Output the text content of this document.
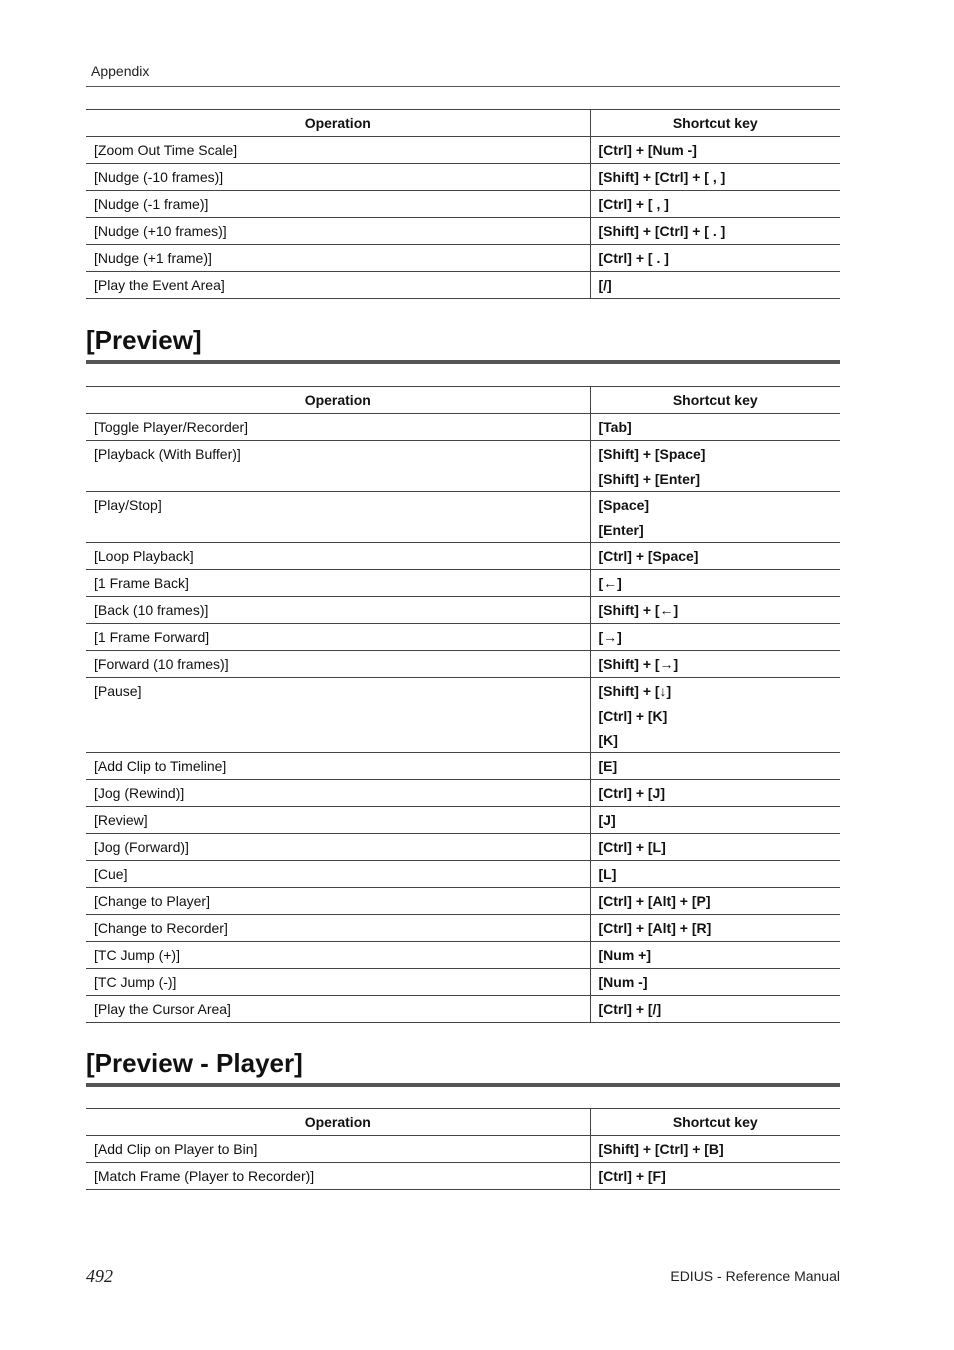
Appendix
Operation	Shortcut key
[Zoom Out Time Scale]	[Ctrl] + [Num -]

[Nudge (-10 frames)]	[Shift] + [Ctrl] + [ , ]

[Nudge (-1 frame)]	[Ctrl] + [ , ]

[Nudge (+10 frames)]	[Shift] + [Ctrl] + [ . ]

[Nudge (+1 frame)]	[Ctrl] + [ . ]

[Play the Event Area]	[/]
[Preview]
Operation	Shortcut key
[Toggle Player/Recorder]	[Tab]

[Playback (With Buffer)]	[Shift] + [Space]
[Shift] + [Enter]

[Play/Stop]	[Space]
[Enter]

[Loop Playback]	[Ctrl] + [Space]

[1 Frame Back]	[←]

[Back (10 frames)]	[Shift] + [←]

[1 Frame Forward]	[→]

[Forward (10 frames)]	[Shift] + [→]

[Pause]	[Shift] + [↓]
[Ctrl] + [K]
[K]

[Add Clip to Timeline]	[E]

[Jog (Rewind)]	[Ctrl] + [J]

[Review]	[J]

[Jog (Forward)]	[Ctrl] + [L]

[Cue]	[L]

[Change to Player]	[Ctrl] + [Alt] + [P]

[Change to Recorder]	[Ctrl] + [Alt] + [R]

[TC Jump (+)]	[Num +]

[TC Jump (-)]	[Num -]

[Play the Cursor Area]	[Ctrl] + [/]
[Preview - Player]
Operation	Shortcut key
[Add Clip on Player to Bin]	[Shift] + [Ctrl] + [B]

[Match Frame (Player to Recorder)]	[Ctrl] + [F]
492	EDIUS - Reference Manual
